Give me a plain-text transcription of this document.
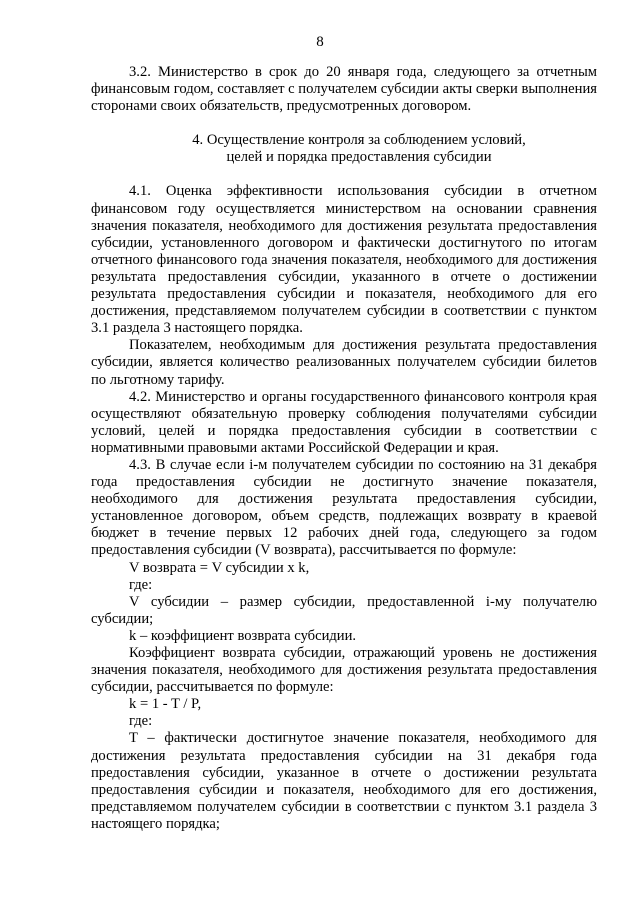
8

3.2. Министерство в срок до 20 января года, следующего за отчетным финансовым годом, составляет с получателем субсидии акты сверки выполнения сторонами своих обязательств, предусмотренных договором.

4. Осуществление контроля за соблюдением условий,
целей и порядка предоставления субсидии

4.1. Оценка эффективности использования субсидии в отчетном финансовом году осуществляется министерством на основании сравнения значения показателя, необходимого для достижения результата предоставления субсидии, установленного договором и фактически достигнутого по итогам отчетного финансового года значения показателя, необходимого для достижения результата предоставления субсидии, указанного в отчете о достижении результата предоставления субсидии и показателя, необходимого для его достижения, представляемом получателем субсидии в соответствии с пунктом 3.1 раздела 3 настоящего порядка.

Показателем, необходимым для достижения результата предоставления субсидии, является количество реализованных получателем субсидии билетов по льготному тарифу.

4.2. Министерство и органы государственного финансового контроля края осуществляют обязательную проверку соблюдения получателями субсидии условий, целей и порядка предоставления субсидии в соответствии с нормативными правовыми актами Российской Федерации и края.

4.3. В случае если i-м получателем субсидии по состоянию на 31 декабря года предоставления субсидии не достигнуто значение показателя, необходимого для достижения результата предоставления субсидии, установленное договором, объем средств, подлежащих возврату в краевой бюджет в течение первых 12 рабочих дней года, следующего за годом предоставления субсидии (V возврата), рассчитывается по формуле:

V возврата = V субсидии x k,

где:

V субсидии – размер субсидии, предоставленной i-му получателю субсидии;

k – коэффициент возврата субсидии.

Коэффициент возврата субсидии, отражающий уровень не достижения значения показателя, необходимого для достижения результата предоставления субсидии, рассчитывается по формуле:

k = 1 - T / P,

где:

T – фактически достигнутое значение показателя, необходимого для достижения результата предоставления субсидии на 31 декабря года предоставления субсидии, указанное в отчете о достижении результата предоставления субсидии и показателя, необходимого для его достижения, представляемом получателем субсидии в соответствии с пунктом 3.1 раздела 3 настоящего порядка;
